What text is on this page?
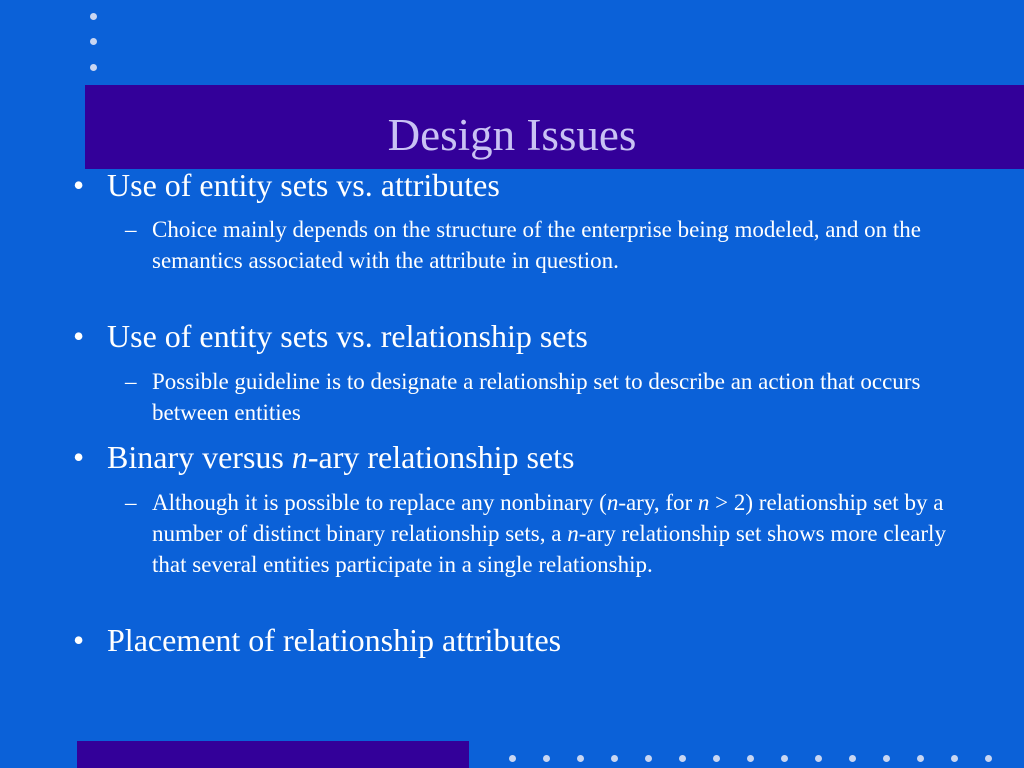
Design Issues
• Use of entity sets vs. attributes
– Choice mainly depends on the structure of the enterprise being modeled, and on the semantics associated with the attribute in question.
• Use of entity sets vs. relationship sets
– Possible guideline is to designate a relationship set to describe an action that occurs between entities
• Binary versus n-ary relationship sets
– Although it is possible to replace any nonbinary (n-ary, for n > 2) relationship set by a number of distinct binary relationship sets, a n-ary relationship set shows more clearly that several entities participate in a single relationship.
• Placement of relationship attributes
